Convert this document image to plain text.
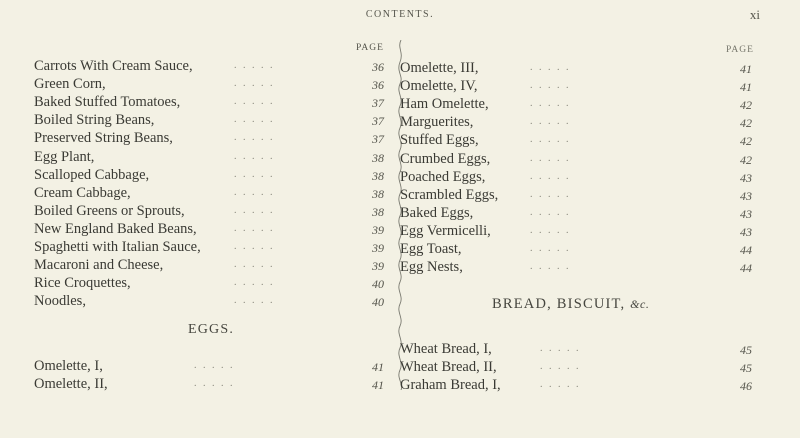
CONTENTS.	xi
PAGE	PAGE
Carrots With Cream Sauce,	. . . . .	36
Green Corn,	. . . . .	36
Baked Stuffed Tomatoes,	. . . . .	37
Boiled String Beans,	. . . . .	37
Preserved String Beans,	. . . . .	37
Egg Plant,	. . . . .	38
Scalloped Cabbage,	. . . . .	38
Cream Cabbage,	. . . . .	38
Boiled Greens or Sprouts,	. . . . .	38
New England Baked Beans,	. . . . .	39
Spaghetti with Italian Sauce,	. . . . .	39
Macaroni and Cheese,	. . . . .	39
Rice Croquettes,	. . . . .	40
Noodles,	. . . . .	40
EGGS.
Omelette, I,	. . . . .	41
Omelette, II,	. . . . .	41
Omelette, III,	. . . . .	41
Omelette, IV,	. . . . .	41
Ham Omelette,	. . . . .	42
Marguerites,	. . . . .	42
Stuffed Eggs,	. . . . .	42
Crumbed Eggs,	. . . . .	42
Poached Eggs,	. . . . .	43
Scrambled Eggs,	. . . . .	43
Baked Eggs,	. . . . .	43
Egg Vermicelli,	. . . . .	43
Egg Toast,	. . . . .	44
Egg Nests,	. . . . .	44
BREAD, BISCUIT, &c.
Wheat Bread, I,	. . . . .	45
Wheat Bread, II,	. . . . .	45
Graham Bread, I,	. . . . .	46
